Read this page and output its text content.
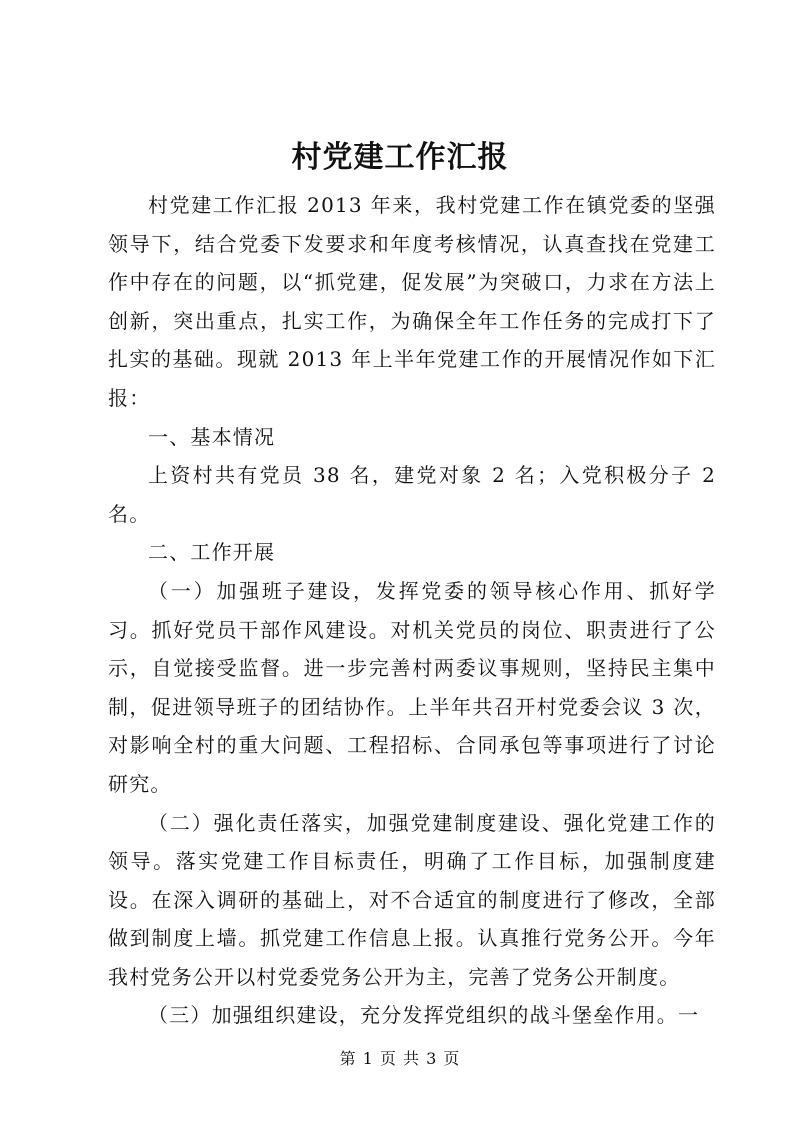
村党建工作汇报

村党建工作汇报 2013 年来，我村党建工作在镇党委的坚强领导下，结合党委下发要求和年度考核情况，认真查找在党建工作中存在的问题，以“抓党建，促发展”为突破口，力求在方法上创新，突出重点，扎实工作，为确保全年工作任务的完成打下了扎实的基础。现就 2013 年上半年党建工作的开展情况作如下汇报：

一、基本情况

上资村共有党员 38 名，建党对象 2 名；入党积极分子 2 名。

二、工作开展

（一）加强班子建设，发挥党委的领导核心作用、抓好学习。抓好党员干部作风建设。对机关党员的岗位、职责进行了公示，自觉接受监督。进一步完善村两委议事规则，坚持民主集中制，促进领导班子的团结协作。上半年共召开村党委会议 3 次，对影响全村的重大问题、工程招标、合同承包等事项进行了讨论研究。

（二）强化责任落实，加强党建制度建设、强化党建工作的领导。落实党建工作目标责任，明确了工作目标，加强制度建设。在深入调研的基础上，对不合适宜的制度进行了修改，全部做到制度上墙。抓党建工作信息上报。认真推行党务公开。今年我村党务公开以村党委党务公开为主，完善了党务公开制度。

（三）加强组织建设，充分发挥党组织的战斗堡垒作用。一

第 1 页 共 3 页
